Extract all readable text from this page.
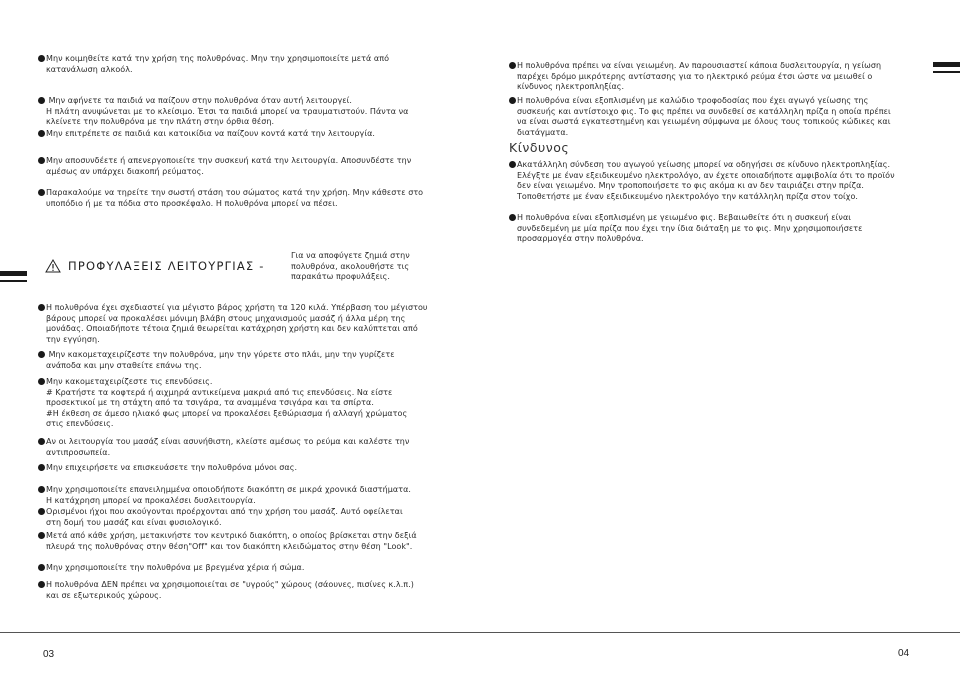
Μην κοιμηθείτε κατά την χρήση της πολυθρόνας. Μην την χρησιμοποιείτε μετά από
κατανάλωση αλκοόλ.
Μην αφήνετε τα παιδιά να παίζουν στην πολυθρόνα όταν αυτή λειτουργεί.
Η πλάτη ανυψώνεται με το κλείσιμο. Έτσι τα παιδιά μπορεί να τραυματιστούν. Πάντα να
κλείνετε την πολυθρόνα με την πλάτη στην όρθια θέση.
Μην επιτρέπετε σε παιδιά και κατοικίδια να παίζουν κοντά κατά την λειτουργία.
Μην αποσυνδέετε ή απενεργοποιείτε την συσκευή κατά την λειτουργία. Αποσυνδέστε την
αμέσως αν υπάρχει διακοπή ρεύματος.
Παρακαλούμε να τηρείτε την σωστή στάση του σώματος κατά την χρήση. Μην κάθεστε στο
υποπόδιο ή με τα πόδια στο προσκέφαλο. Η πολυθρόνα μπορεί να πέσει.
ΠΡΟΦΥΛΑΞΕΙΣ ΛΕΙΤΟΥΡΓΙΑΣ -
Για να αποφύγετε ζημιά στην
πολυθρόνα, ακολουθήστε τις
παρακάτω προφυλάξεις.
Η πολυθρόνα έχει σχεδιαστεί για μέγιστο βάρος χρήστη τα 120 κιλά. Υπέρβαση του μέγιστου
βάρους μπορεί να προκαλέσει μόνιμη βλάβη στους μηχανισμούς μασάζ ή άλλα μέρη της
μονάδας. Οποιαδήποτε τέτοια ζημιά θεωρείται κατάχρηση χρήστη και δεν καλύπτεται από
την εγγύηση.
Μην κακομεταχειρίζεστε την πολυθρόνα, μην την γύρετε στο πλάι, μην την γυρίζετε
ανάποδα και μην σταθείτε επάνω της.
Μην κακομεταχειρίζεστε τις επενδύσεις.
# Κρατήστε τα κοφτερά ή αιχμηρά αντικείμενα μακριά από τις επενδύσεις. Να είστε
προσεκτικοί με τη στάχτη από τα τσιγάρα, τα αναμμένα τσιγάρα και τα σπίρτα.
#Η έκθεση σε άμεσο ηλιακό φως μπορεί να προκαλέσει ξεθώριασμα ή αλλαγή χρώματος
στις επενδύσεις.
Αν οι λειτουργία του μασάζ είναι ασυνήθιστη, κλείστε αμέσως το ρεύμα και καλέστε την
αντιπροσωπεία.
Μην επιχειρήσετε να επισκευάσετε την πολυθρόνα μόνοι σας.
Μην χρησιμοποιείτε επανειλημμένα οποιοδήποτε διακόπτη σε μικρά χρονικά διαστήματα.
Η κατάχρηση μπορεί να προκαλέσει δυσλειτουργία.
Ορισμένοι ήχοι που ακούγονται προέρχονται από την χρήση του μασάζ. Αυτό οφείλεται
στη δομή του μασάζ και είναι φυσιολογικό.
Μετά από κάθε χρήση, μετακινήστε τον κεντρικό διακόπτη, ο οποίος βρίσκεται στην δεξιά
πλευρά της πολυθρόνας στην θέση"Off" και τον διακόπτη κλειδώματος στην θέση "Look".
Μην χρησιμοποιείτε την πολυθρόνα με βρεγμένα χέρια ή σώμα.
Η πολυθρόνα ΔΕΝ πρέπει να χρησιμοποιείται σε "υγρούς" χώρους (σάουνες, πισίνες κ.λ.π.)
και σε εξωτερικούς χώρους.
Η πολυθρόνα πρέπει να είναι γειωμένη. Αν παρουσιαστεί κάποια δυσλειτουργία, η γείωση
παρέχει δρόμο μικρότερης αντίστασης για το ηλεκτρικό ρεύμα έτσι ώστε να μειωθεί ο
κίνδυνος ηλεκτροπληξίας.
Η πολυθρόνα είναι εξοπλισμένη με καλώδιο τροφοδοσίας που έχει αγωγό γείωσης της
συσκευής και αντίστοιχο φις. Το φις πρέπει να συνδεθεί σε κατάλληλη πρίζα η οποία πρέπει
να είναι σωστά εγκατεστημένη και γειωμένη σύμφωνα με όλους τους τοπικούς κώδικες και
διατάγματα.
Κίνδυνος
Ακατάλληλη σύνδεση του αγωγού γείωσης μπορεί να οδηγήσει σε κίνδυνο ηλεκτροπληξίας.
Ελέγξτε με έναν εξειδικευμένο ηλεκτρολόγο, αν έχετε οποιαδήποτε αμφιβολία ότι το προϊόν
δεν είναι γειωμένο. Μην τροποποιήσετε το φις ακόμα κι αν δεν ταιριάζει στην πρίζα.
Τοποθετήστε με έναν εξειδικευμένο ηλεκτρολόγο την κατάλληλη πρίζα στον τοίχο.
Η πολυθρόνα είναι εξοπλισμένη με γειωμένο φις. Βεβαιωθείτε ότι η συσκευή είναι
συνδεδεμένη με μία πρίζα που έχει την ίδια διάταξη με το φις. Μην χρησιμοποιήσετε
προσαρμογέα στην πολυθρόνα.
03	04
